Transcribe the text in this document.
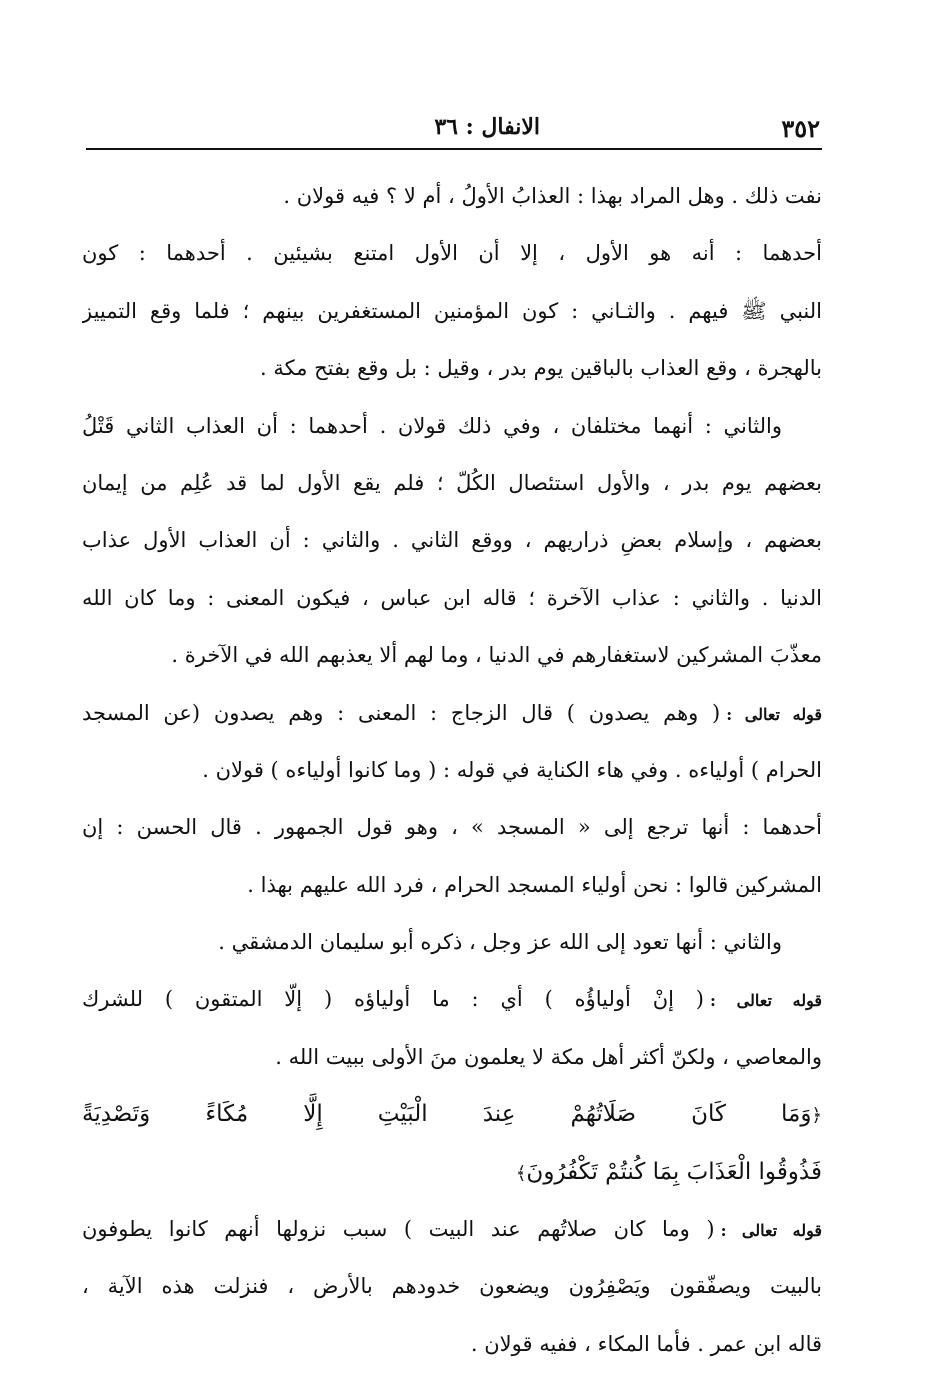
٣٥٢
الانفال : ٣٦
نفت ذلك . وهل المراد بهذا : العذابُ الأولُ ، أم لا ؟ فيه قولان .
أحدهما : أنه هو الأول ، إلا أن الأول امتنع بشيئين . أحدهما : كون
النبي ﷺ فيهم . والثـاني : كون المؤمنين المستغفرين بينهم ؛ فلما وقع التمييز
بالهجرة ، وقع العذاب بالباقين يوم بدر ، وقيل : بل وقع بفتح مكة .
والثاني : أنهما مختلفان ، وفي ذلك قولان . أحدهما : أن العذاب الثاني قَتْلُ
بعضهم يوم بدر ، والأول استئصال الكُلّ ؛ فلم يقع الأول لما قد عُلِم من إيمان
بعضهم ، وإسلام بعضِ ذراريهم ، ووقع الثاني . والثاني : أن العذاب الأول عذاب
الدنيا . والثاني : عذاب الآخرة ؛ قاله ابن عباس ، فيكون المعنى : وما كان الله
معذّبَ المشركين لاستغفارهم في الدنيا ، وما لهم ألا يعذبهم الله في الآخرة .
قوله تعالى :( وهم يصدون ) قال الزجاج : المعنى : وهم يصدون (عن المسجد
الحرام ) أولياءه . وفي هاء الكناية في قوله : ( وما كانوا أولياءه ) قولان .
أحدهما : أنها ترجع إلى « المسجد » ، وهو قول الجمهور . قال الحسن : إن
المشركين قالوا : نحن أولياء المسجد الحرام ، فرد الله عليهم بهذا .
والثاني : أنها تعود إلى الله عز وجل ، ذكره أبو سليمان الدمشقي .
قوله تعالى :( إنْ أولياؤُه ) أي : ما أولياؤه ( إلّا المتقون ) للشرك
والمعاصي ، ولكنّ أكثر أهل مكة لا يعلمون منَ الأولى ببيت الله .
﴿وَمَا كَانَ صَلَاتُهُمْ عِندَ الْبَيْتِ إِلَّا مُكَاءً وَتَصْدِيَةً
فَذُوقُوا الْعَذَابَ بِمَا كُنتُمْ تَكْفُرُونَ﴾
قوله تعالى :( وما كان صلاتُهم عند البيت ) سبب نزولها أنهم كانوا يطوفون
بالبيت ويصفّقون ويَصْفِرُون ويضعون خدودهم بالأرض ، فنزلت هذه الآية ،
قاله ابن عمر . فأما المكاء ، ففيه قولان .
